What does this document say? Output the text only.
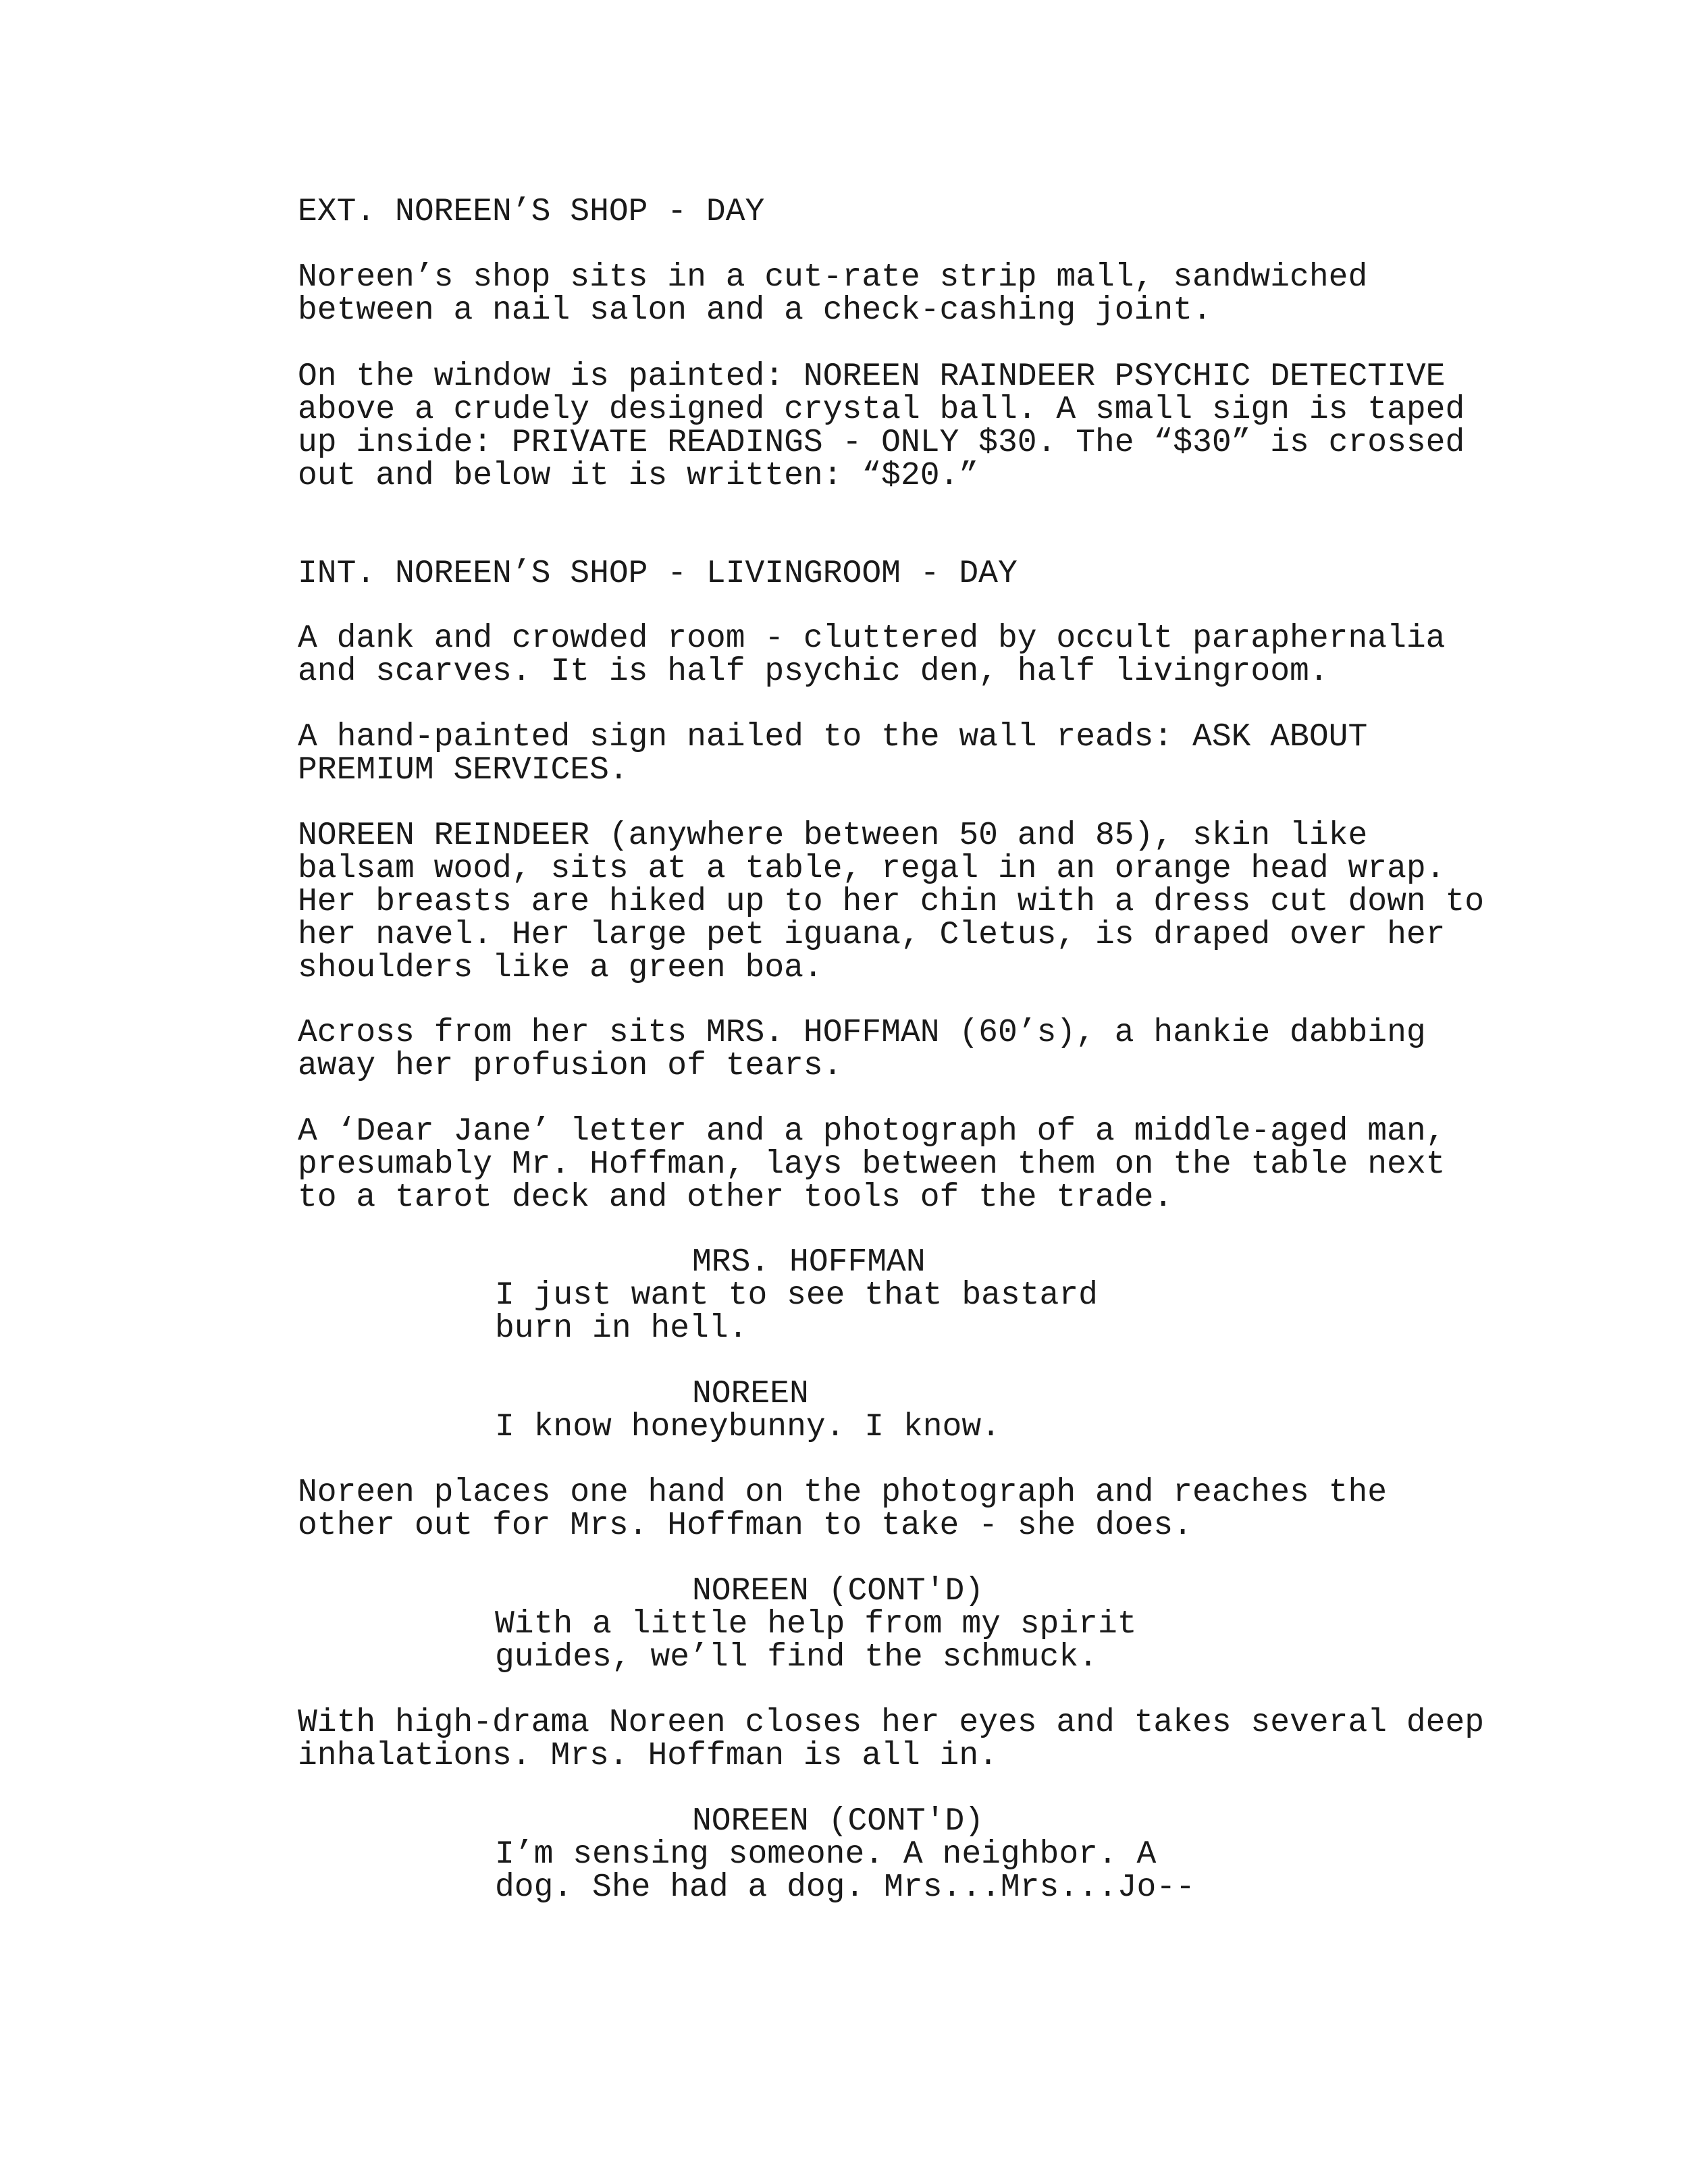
EXT. NOREEN’S SHOP - DAY
Noreen’s shop sits in a cut-rate strip mall, sandwiched
between a nail salon and a check-cashing joint.
On the window is painted: NOREEN RAINDEER PSYCHIC DETECTIVE
above a crudely designed crystal ball. A small sign is taped
up inside: PRIVATE READINGS - ONLY $30. The “$30” is crossed
out and below it is written: “$20.”
INT. NOREEN’S SHOP - LIVINGROOM - DAY
A dank and crowded room - cluttered by occult paraphernalia
and scarves. It is half psychic den, half livingroom.
A hand-painted sign nailed to the wall reads: ASK ABOUT
PREMIUM SERVICES.
NOREEN REINDEER (anywhere between 50 and 85), skin like
balsam wood, sits at a table, regal in an orange head wrap.
Her breasts are hiked up to her chin with a dress cut down to
her navel. Her large pet iguana, Cletus, is draped over her
shoulders like a green boa.
Across from her sits MRS. HOFFMAN (60’s), a hankie dabbing
away her profusion of tears.
A ‘Dear Jane’ letter and a photograph of a middle-aged man,
presumably Mr. Hoffman, lays between them on the table next
to a tarot deck and other tools of the trade.
MRS. HOFFMAN
I just want to see that bastard
burn in hell.
NOREEN
I know honeybunny. I know.
Noreen places one hand on the photograph and reaches the
other out for Mrs. Hoffman to take - she does.
NOREEN (CONT'D)
With a little help from my spirit
guides, we’ll find the schmuck.
With high-drama Noreen closes her eyes and takes several deep
inhalations. Mrs. Hoffman is all in.
NOREEN (CONT'D)
I’m sensing someone. A neighbor. A
dog. She had a dog. Mrs...Mrs...Jo--
